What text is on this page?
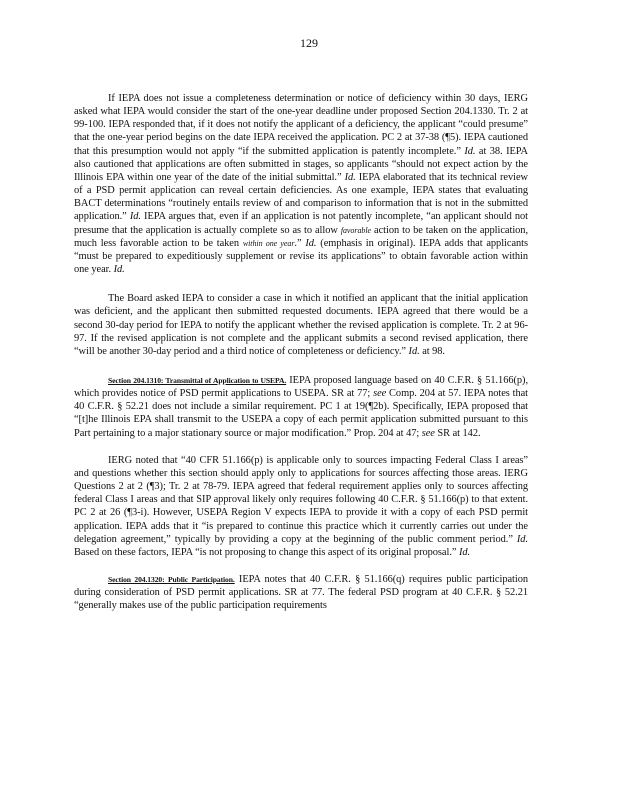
129

If IEPA does not issue a completeness determination or notice of deficiency within 30 days, IERG asked what IEPA would consider the start of the one-year deadline under proposed Section 204.1330. Tr. 2 at 99-100. IEPA responded that, if it does not notify the applicant of a deficiency, the applicant “could presume” that the one-year period begins on the date IEPA received the application. PC 2 at 37-38 (¶5). IEPA cautioned that this presumption would not apply “if the submitted application is patently incomplete.” Id. at 38. IEPA also cautioned that applications are often submitted in stages, so applicants “should not expect action by the Illinois EPA within one year of the date of the initial submittal.” Id. IEPA elaborated that its technical review of a PSD permit application can reveal certain deficiencies. As one example, IEPA states that evaluating BACT determinations “routinely entails review of and comparison to information that is not in the submitted application.” Id. IEPA argues that, even if an application is not patently incomplete, “an applicant should not presume that the application is actually complete so as to allow favorable action to be taken on the application, much less favorable action to be taken within one year.” Id. (emphasis in original). IEPA adds that applicants “must be prepared to expeditiously supplement or revise its applications” to obtain favorable action within one year. Id.

The Board asked IEPA to consider a case in which it notified an applicant that the initial application was deficient, and the applicant then submitted requested documents. IEPA agreed that there would be a second 30-day period for IEPA to notify the applicant whether the revised application is complete. Tr. 2 at 96-97. If the revised application is not complete and the applicant submits a second revised application, there “will be another 30-day period and a third notice of completeness or deficiency.” Id. at 98.

Section 204.1310: Transmittal of Application to USEPA. IEPA proposed language based on 40 C.F.R. § 51.166(p), which provides notice of PSD permit applications to USEPA. SR at 77; see Comp. 204 at 57. IEPA notes that 40 C.F.R. § 52.21 does not include a similar requirement. PC 1 at 19(¶2b). Specifically, IEPA proposed that “[t]he Illinois EPA shall transmit to the USEPA a copy of each permit application submitted pursuant to this Part pertaining to a major stationary source or major modification.” Prop. 204 at 47; see SR at 142.

IERG noted that “40 CFR 51.166(p) is applicable only to sources impacting Federal Class I areas” and questions whether this section should apply only to applications for sources affecting those areas. IERG Questions 2 at 2 (¶3); Tr. 2 at 78-79. IEPA agreed that federal requirement applies only to sources affecting federal Class I areas and that SIP approval likely only requires following 40 C.F.R. § 51.166(p) to that extent. PC 2 at 26 (¶3-i). However, USEPA Region V expects IEPA to provide it with a copy of each PSD permit application. IEPA adds that it “is prepared to continue this practice which it currently carries out under the delegation agreement,” typically by providing a copy at the beginning of the public comment period.” Id. Based on these factors, IEPA “is not proposing to change this aspect of its original proposal.” Id.

Section 204.1320: Public Participation. IEPA notes that 40 C.F.R. § 51.166(q) requires public participation during consideration of PSD permit applications. SR at 77. The federal PSD program at 40 C.F.R. § 52.21 “generally makes use of the public participation requirements
